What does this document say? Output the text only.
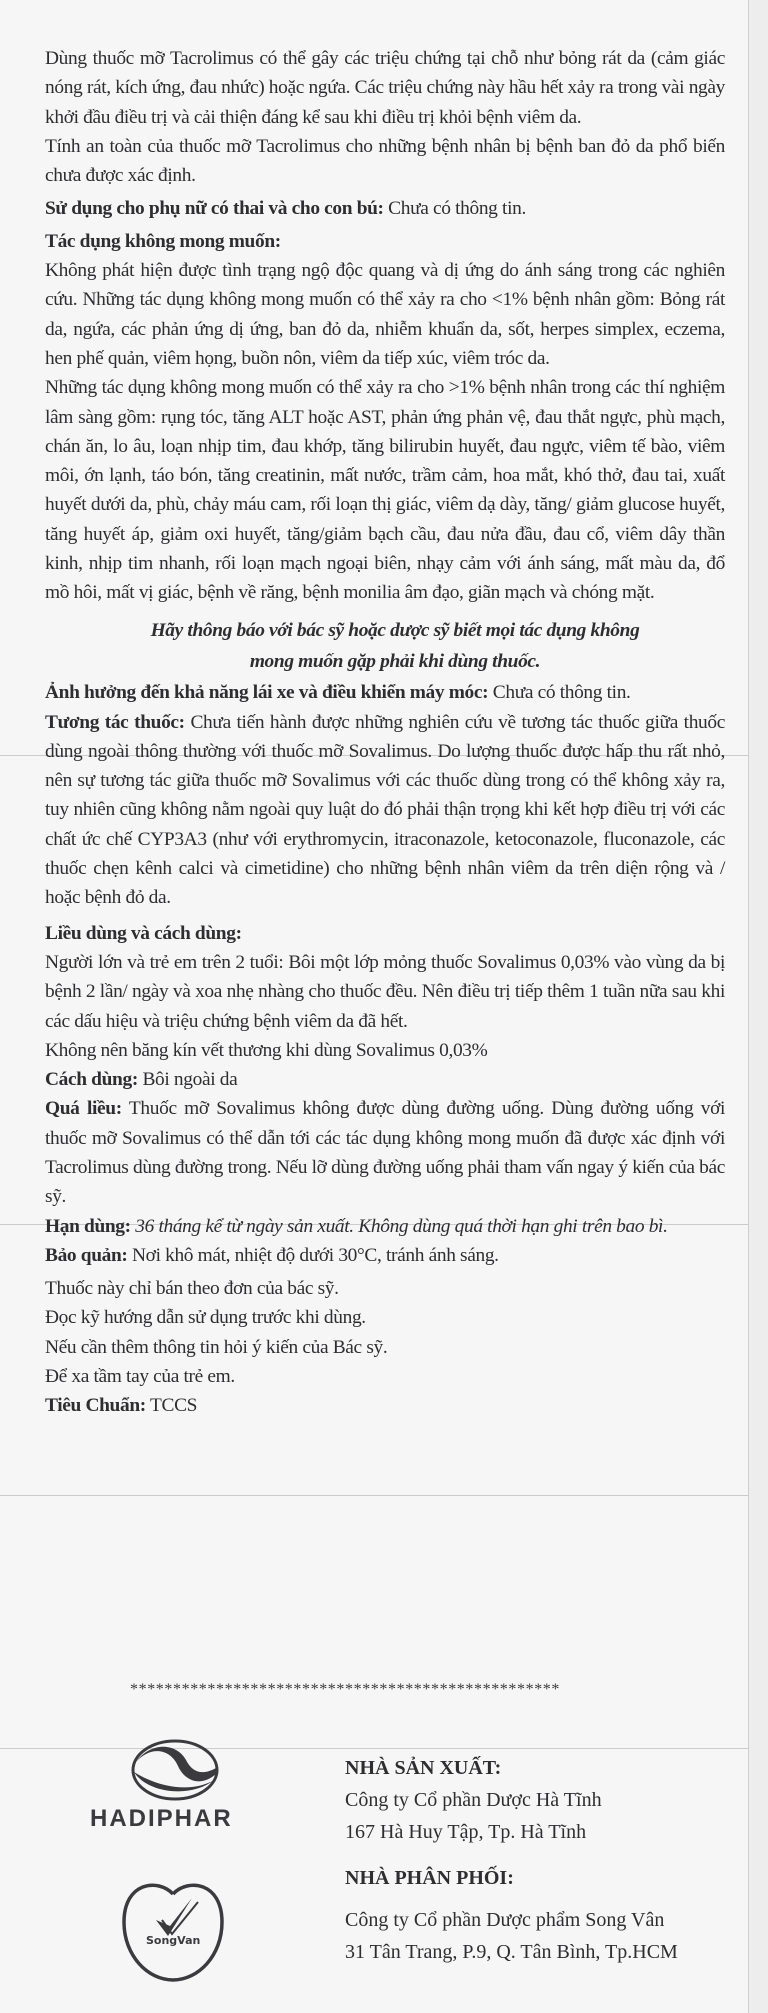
Dùng thuốc mỡ Tacrolimus có thể gây các triệu chứng tại chỗ như bỏng rát da (cảm giác nóng rát, kích ứng, đau nhức) hoặc ngứa. Các triệu chứng này hầu hết xảy ra trong vài ngày khởi đầu điều trị và cải thiện đáng kể sau khi điều trị khỏi bệnh viêm da.

Tính an toàn của thuốc mỡ Tacrolimus cho những bệnh nhân bị bệnh ban đỏ da phổ biến chưa được xác định.

Sử dụng cho phụ nữ có thai và cho con bú: Chưa có thông tin.

Tác dụng không mong muốn:

Không phát hiện được tình trạng ngộ độc quang và dị ứng do ánh sáng trong các nghiên cứu. Những tác dụng không mong muốn có thể xảy ra cho <1% bệnh nhân gồm: Bỏng rát da, ngứa, các phản ứng dị ứng, ban đỏ da, nhiễm khuẩn da, sốt, herpes simplex, eczema, hen phế quản, viêm họng, buồn nôn, viêm da tiếp xúc, viêm tróc da.

Những tác dụng không mong muốn có thể xảy ra cho >1% bệnh nhân trong các thí nghiệm lâm sàng gồm: rụng tóc, tăng ALT hoặc AST, phản ứng phản vệ, đau thắt ngực, phù mạch, chán ăn, lo âu, loạn nhịp tim, đau khớp, tăng bilirubin huyết, đau ngực, viêm tế bào, viêm môi, ớn lạnh, táo bón, tăng creatinin, mất nước, trầm cảm, hoa mắt, khó thở, đau tai, xuất huyết dưới da, phù, chảy máu cam, rối loạn thị giác, viêm dạ dày, tăng/ giảm glucose huyết, tăng huyết áp, giảm oxi huyết, tăng/giảm bạch cầu, đau nửa đầu, đau cổ, viêm dây thần kinh, nhịp tim nhanh, rối loạn mạch ngoại biên, nhạy cảm với ánh sáng, mất màu da, đổ mồ hôi, mất vị giác, bệnh về răng, bệnh monilia âm đạo, giãn mạch và chóng mặt.

Hãy thông báo với bác sỹ hoặc dược sỹ biết mọi tác dụng không

mong muốn gặp phải khi dùng thuốc.

Ảnh hưởng đến khả năng lái xe và điều khiển máy móc: Chưa có thông tin.

Tương tác thuốc: Chưa tiến hành được những nghiên cứu về tương tác thuốc giữa thuốc dùng ngoài thông thường với thuốc mỡ Sovalimus. Do lượng thuốc được hấp thu rất nhỏ, nên sự tương tác giữa thuốc mỡ Sovalimus với các thuốc dùng trong có thể không xảy ra, tuy nhiên cũng không nằm ngoài quy luật do đó phải thận trọng khi kết hợp điều trị với các chất ức chế CYP3A3 (như với erythromycin, itraconazole, ketoconazole, fluconazole, các thuốc chẹn kênh calci và cimetidine) cho những bệnh nhân viêm da trên diện rộng và / hoặc bệnh đỏ da.

Liều dùng và cách dùng:

Người lớn và trẻ em trên 2 tuổi: Bôi một lớp mỏng thuốc Sovalimus 0,03% vào vùng da bị bệnh 2 lần/ ngày và xoa nhẹ nhàng cho thuốc đều. Nên điều trị tiếp thêm 1 tuần nữa sau khi các dấu hiệu và triệu chứng bệnh viêm da đã hết.

Không nên băng kín vết thương khi dùng Sovalimus 0,03%

Cách dùng: Bôi ngoài da

Quá liều: Thuốc mỡ Sovalimus không được dùng đường uống. Dùng đường uống với thuốc mỡ Sovalimus có thể dẫn tới các tác dụng không mong muốn đã được xác định với Tacrolimus dùng đường trong. Nếu lỡ dùng đường uống phải tham vấn ngay ý kiến của bác sỹ.

Hạn dùng: 36 tháng kể từ ngày sản xuất. Không dùng quá thời hạn ghi trên bao bì.

Bảo quản: Nơi khô mát, nhiệt độ dưới 30°C, tránh ánh sáng.

Thuốc này chỉ bán theo đơn của bác sỹ.

Đọc kỹ hướng dẫn sử dụng trước khi dùng.

Nếu cần thêm thông tin hỏi ý kiến của Bác sỹ.

Để xa tầm tay của trẻ em.

Tiêu Chuẩn: TCCS

**************************************************
HADIPHAR
NHÀ SẢN XUẤT:
Công ty Cổ phần Dược Hà Tĩnh
167 Hà Huy Tập, Tp. Hà Tĩnh
SongVan
NHÀ PHÂN PHỐI:
Công ty Cổ phần Dược phẩm Song Vân
31 Tân Trang, P.9, Q. Tân Bình, Tp.HCM
